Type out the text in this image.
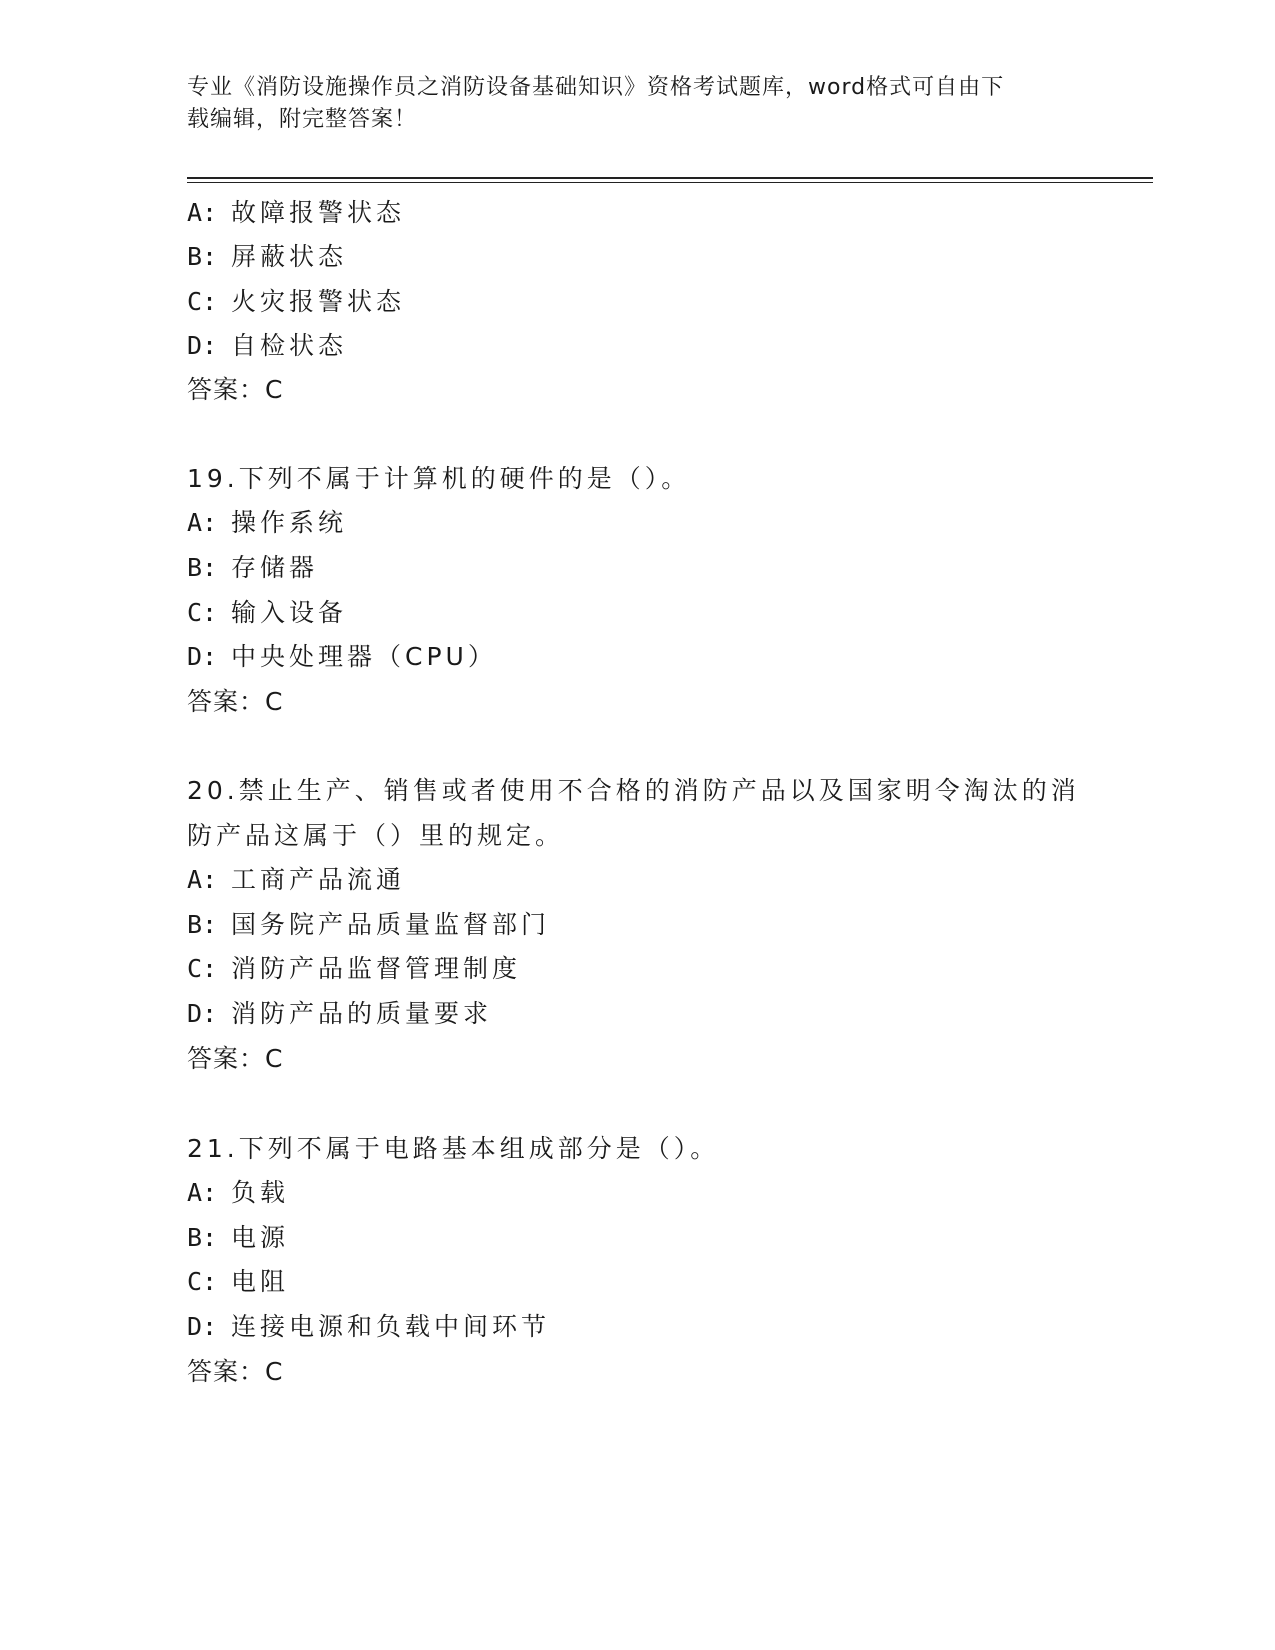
专业《消防设施操作员之消防设备基础知识》资格考试题库，word格式可自由下
载编辑，附完整答案！
A: 故障报警状态
B: 屏蔽状态
C: 火灾报警状态
D: 自检状态
答案：C
19.下列不属于计算机的硬件的是（）。
A: 操作系统
B: 存储器
C: 输入设备
D: 中央处理器（CPU）
答案：C
20.禁止生产、销售或者使用不合格的消防产品以及国家明令淘汰的消
防产品这属于（）里的规定。
A: 工商产品流通
B: 国务院产品质量监督部门
C: 消防产品监督管理制度
D: 消防产品的质量要求
答案：C
21.下列不属于电路基本组成部分是（）。
A: 负载
B: 电源
C: 电阻
D: 连接电源和负载中间环节
答案：C
